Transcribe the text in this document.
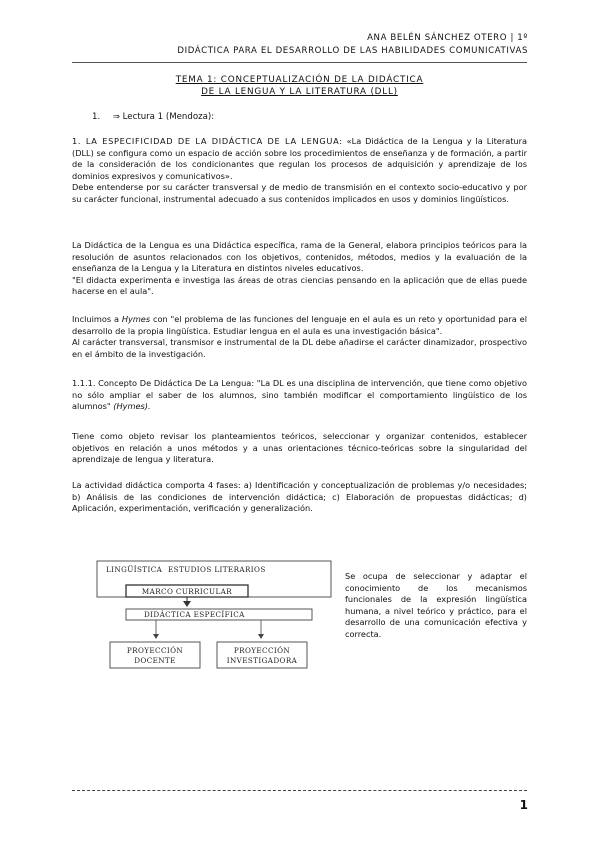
ANA BELÉN SÁNCHEZ OTERO | 1º
DIDÁCTICA PARA EL DESARROLLO DE LAS HABILIDADES COMUNICATIVAS
TEMA 1: CONCEPTUALIZACIÓN DE LA DIDÁCTICA
DE LA LENGUA Y LA LITERATURA (DLL)
1. ⇒ Lectura 1 (Mendoza):

1. LA ESPECIFICIDAD DE LA DIDÁCTICA DE LA LENGUA: «La Didáctica de la Lengua y la Literatura (DLL) se configura como un espacio de acción sobre los procedimientos de enseñanza y de formación, a partir de la consideración de los condicionantes que regulan los procesos de adquisición y aprendizaje de los dominios expresivos y comunicativos».
Debe entenderse por su carácter transversal y de medio de transmisión en el contexto socio-educativo y por su carácter funcional, instrumental adecuado a sus contenidos implicados en usos y dominios lingüísticos.

La Didáctica de la Lengua es una Didáctica específica, rama de la General, elabora principios teóricos para la resolución de asuntos relacionados con los objetivos, contenidos, métodos, medios y la evaluación de la enseñanza de la Lengua y la Literatura en distintos niveles educativos.
"El didacta experimenta e investiga las áreas de otras ciencias pensando en la aplicación que de ellas puede hacerse en el aula".

Incluimos a Hymes con "el problema de las funciones del lenguaje en el aula es un reto y oportunidad para el desarrollo de la propia lingüística. Estudiar lengua en el aula es una investigación básica".
Al carácter transversal, transmisor e instrumental de la DL debe añadirse el carácter dinamizador, prospectivo en el ámbito de la investigación.

1.1.1. Concepto De Didáctica De La Lengua: "La DL es una disciplina de intervención, que tiene como objetivo no sólo ampliar el saber de los alumnos, sino también modificar el comportamiento lingüístico de los alumnos" (Hymes).

Tiene como objeto revisar los planteamientos teóricos, seleccionar y organizar contenidos, establecer objetivos en relación a unos métodos y a unas orientaciones técnico-teóricas sobre la singularidad del aprendizaje de lengua y literatura.

La actividad didáctica comporta 4 fases: a) Identificación y conceptualización de problemas y/o necesidades; b) Análisis de las condiciones de intervención didáctica; c) Elaboración de propuestas didácticas; d) Aplicación, experimentación, verificación y generalización.

LINGÜÍSTICA ESTUDIOS LITERARIOS
MARCO CURRICULAR
DIDÁCTICA ESPECÍFICA
PROYECCIÓN
DOCENTE
PROYECCIÓN
INVESTIGADORA

Se ocupa de seleccionar y adaptar el conocimiento de los mecanismos funcionales de la expresión lingüística humana, a nivel teórico y práctico, para el desarrollo de una comunicación efectiva y correcta.

1
